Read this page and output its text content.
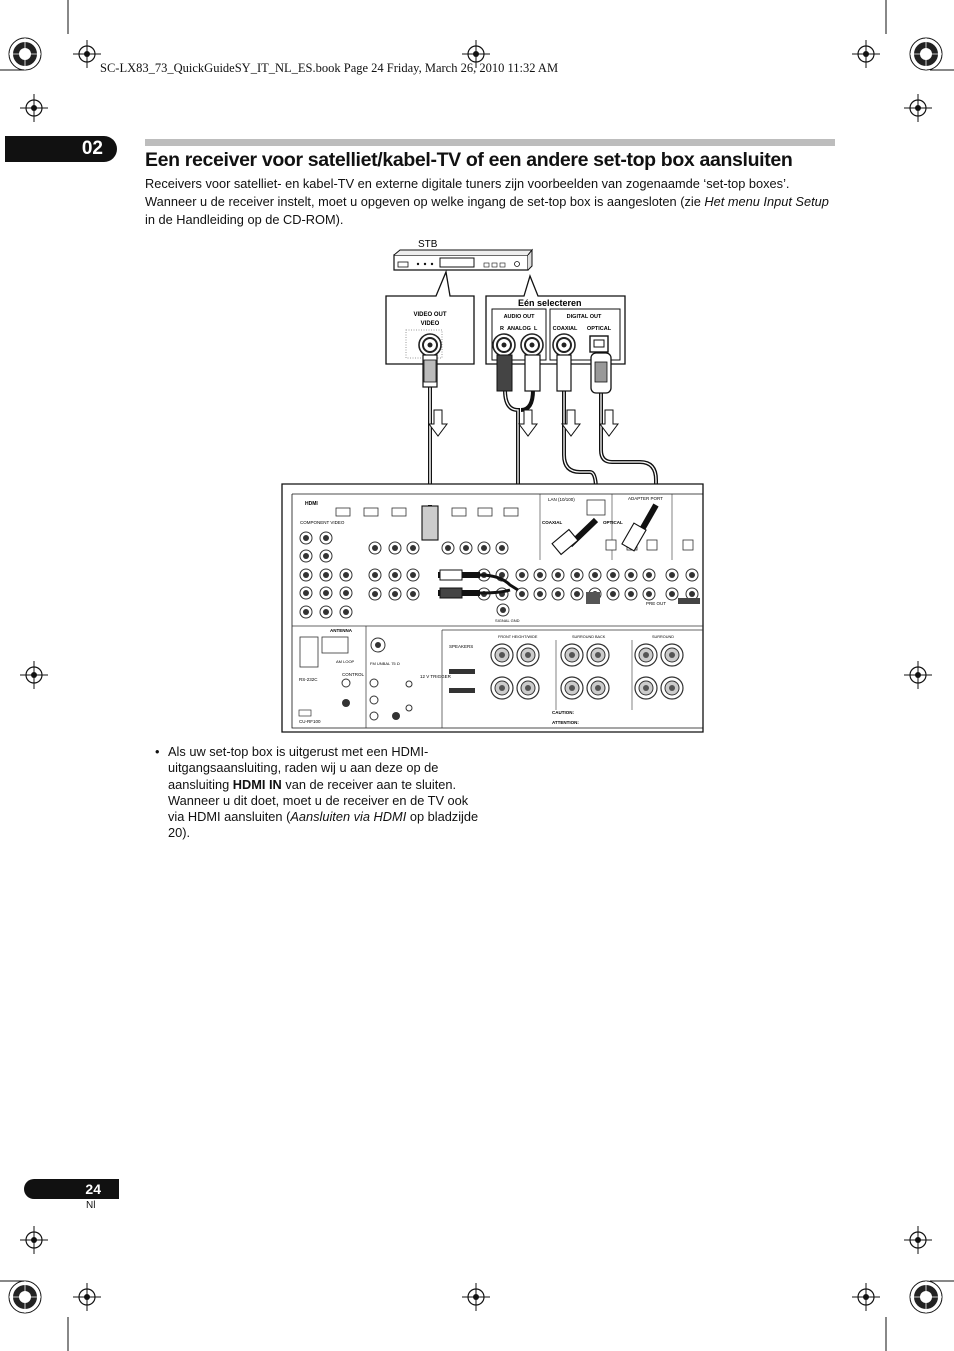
STB
VIDEO OUT
VIDEO
Eén selecteren
AUDIO OUT
R ANALOG L
DIGITAL OUT
COAXIAL OPTICAL
HDMI
LAN (10/100)	ADAPTER PORT
COMPONENT VIDEO	COAXIAL	OPTICAL
PRE OUT
SIGNAL GND
ANTENNA
AM LOOP	FM UNBAL 75 Ω
RS-232C
CONTROL	12 V TRIGGER
CU-RF100
SPEAKERS
FRONT HEIGHT/WIDE	SURROUND BACK	SURROUND
CAUTION:
ATTENTION:
SC-LX83_73_QuickGuideSY_IT_NL_ES.book Page 24 Friday, March 26, 2010 11:32 AM
02
Een receiver voor satelliet/kabel-TV of een andere set-top box aansluiten
Receivers voor satelliet- en kabel-TV en externe digitale tuners zijn voorbeelden van zogenaamde ‘set-top boxes’.
Wanneer u de receiver instelt, moet u opgeven op welke ingang de set-top box is aangesloten (zie Het menu Input Setup in de Handleiding op de CD-ROM).
• Als uw set-top box is uitgerust met een HDMI-uitgangsaansluiting, raden wij u aan deze op de aansluiting HDMI IN van de receiver aan te sluiten. Wanneer u dit doet, moet u de receiver en de TV ook via HDMI aansluiten (Aansluiten via HDMI op bladzijde 20).
24
Nl
